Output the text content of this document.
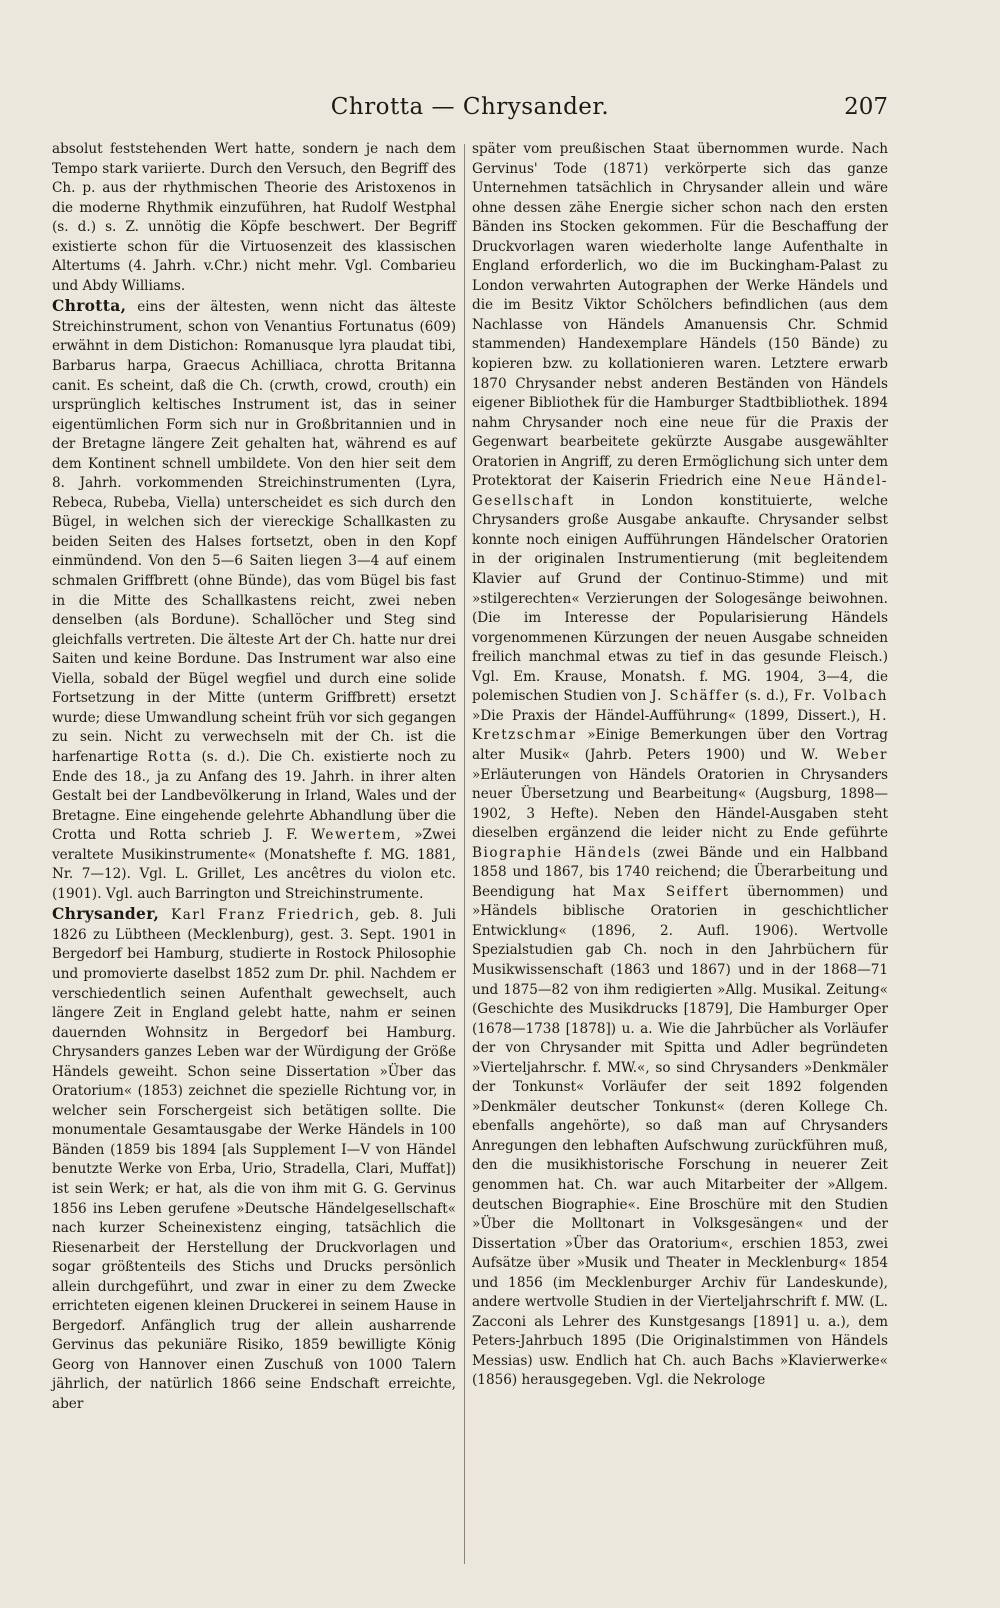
Chrotta — Chrysander.	207

absolut feststehenden Wert hatte, sondern je nach dem Tempo stark variierte. Durch den Versuch, den Begriff des Ch. p. aus der rhythmischen Theorie des Aristoxenos in die moderne Rhythmik einzuführen, hat Rudolf Westphal (s. d.) s. Z. unnötig die Köpfe beschwert. Der Begriff existierte schon für die Virtuosenzeit des klassischen Altertums (4. Jahrh. v.Chr.) nicht mehr. Vgl. Combarieu und Abdy Williams.

Chrotta, eins der ältesten, wenn nicht das älteste Streichinstrument, schon von Venantius Fortunatus (609) erwähnt in dem Distichon: Romanusque lyra plaudat tibi, Barbarus harpa, Graecus Achilliaca, chrotta Britanna canit. Es scheint, daß die Ch. (crwth, crowd, crouth) ein ursprünglich keltisches Instrument ist, das in seiner eigentümlichen Form sich nur in Großbritannien und in der Bretagne längere Zeit gehalten hat, während es auf dem Kontinent schnell umbildete. Von den hier seit dem 8. Jahrh. vorkommenden Streichinstrumenten (Lyra, Rebeca, Rubeba, Viella) unterscheidet es sich durch den Bügel, in welchen sich der viereckige Schallkasten zu beiden Seiten des Halses fortsetzt, oben in den Kopf einmündend. Von den 5—6 Saiten liegen 3—4 auf einem schmalen Griffbrett (ohne Bünde), das vom Bügel bis fast in die Mitte des Schallkastens reicht, zwei neben denselben (als Bordune). Schallöcher und Steg sind gleichfalls vertreten. Die älteste Art der Ch. hatte nur drei Saiten und keine Bordune. Das Instrument war also eine Viella, sobald der Bügel wegfiel und durch eine solide Fortsetzung in der Mitte (unterm Griffbrett) ersetzt wurde; diese Umwandlung scheint früh vor sich gegangen zu sein. Nicht zu verwechseln mit der Ch. ist die harfenartige Rotta (s. d.). Die Ch. existierte noch zu Ende des 18., ja zu Anfang des 19. Jahrh. in ihrer alten Gestalt bei der Landbevölkerung in Irland, Wales und der Bretagne. Eine eingehende gelehrte Abhandlung über die Crotta und Rotta schrieb J. F. Wewertem, »Zwei veraltete Musikinstrumente« (Monatshefte f. MG. 1881, Nr. 7—12). Vgl. L. Grillet, Les ancêtres du violon etc. (1901). Vgl. auch Barrington und Streichinstrumente.

Chrysander, Karl Franz Friedrich, geb. 8. Juli 1826 zu Lübtheen (Mecklenburg), gest. 3. Sept. 1901 in Bergedorf bei Hamburg, studierte in Rostock Philosophie und promovierte daselbst 1852 zum Dr. phil. Nachdem er verschiedentlich seinen Aufenthalt gewechselt, auch längere Zeit in England gelebt hatte, nahm er seinen dauernden Wohnsitz in Bergedorf bei Hamburg. Chrysanders ganzes Leben war der Würdigung der Größe Händels geweiht. Schon seine Dissertation »Über das Oratorium« (1853) zeichnet die spezielle Richtung vor, in welcher sein Forschergeist sich betätigen sollte. Die monumentale Gesamtausgabe der Werke Händels in 100 Bänden (1859 bis 1894 [als Supplement I—V von Händel benutzte Werke von Erba, Urio, Stradella, Clari, Muffat]) ist sein Werk; er hat, als die von ihm mit G. G. Gervinus 1856 ins Leben gerufene »Deutsche Händelgesellschaft« nach kurzer Scheinexistenz einging, tatsächlich die Riesenarbeit der Herstellung der Druckvorlagen und sogar größtenteils des Stichs und Drucks persönlich allein durchgeführt, und zwar in einer zu dem Zwecke errichteten eigenen kleinen Druckerei in seinem Hause in Bergedorf. Anfänglich trug der allein ausharrende Gervinus das pekuniäre Risiko, 1859 bewilligte König Georg von Hannover einen Zuschuß von 1000 Talern jährlich, der natürlich 1866 seine Endschaft erreichte, aber

später vom preußischen Staat übernommen wurde. Nach Gervinus' Tode (1871) verkörperte sich das ganze Unternehmen tatsächlich in Chrysander allein und wäre ohne dessen zähe Energie sicher schon nach den ersten Bänden ins Stocken gekommen. Für die Beschaffung der Druckvorlagen waren wiederholte lange Aufenthalte in England erforderlich, wo die im Buckingham-Palast zu London verwahrten Autographen der Werke Händels und die im Besitz Viktor Schölchers befindlichen (aus dem Nachlasse von Händels Amanuensis Chr. Schmid stammenden) Handexemplare Händels (150 Bände) zu kopieren bzw. zu kollationieren waren. Letztere erwarb 1870 Chrysander nebst anderen Beständen von Händels eigener Bibliothek für die Hamburger Stadtbibliothek. 1894 nahm Chrysander noch eine neue für die Praxis der Gegenwart bearbeitete gekürzte Ausgabe ausgewählter Oratorien in Angriff, zu deren Ermöglichung sich unter dem Protektorat der Kaiserin Friedrich eine Neue Händel-Gesellschaft in London konstituierte, welche Chrysanders große Ausgabe ankaufte. Chrysander selbst konnte noch einigen Aufführungen Händelscher Oratorien in der originalen Instrumentierung (mit begleitendem Klavier auf Grund der Continuo-Stimme) und mit »stilgerechten« Verzierungen der Sologesänge beiwohnen. (Die im Interesse der Popularisierung Händels vorgenommenen Kürzungen der neuen Ausgabe schneiden freilich manchmal etwas zu tief in das gesunde Fleisch.) Vgl. Em. Krause, Monatsh. f. MG. 1904, 3—4, die polemischen Studien von J. Schäffer (s. d.), Fr. Volbach »Die Praxis der Händel-Aufführung« (1899, Dissert.), H. Kretzschmar »Einige Bemerkungen über den Vortrag alter Musik« (Jahrb. Peters 1900) und W. Weber »Erläuterungen von Händels Oratorien in Chrysanders neuer Übersetzung und Bearbeitung« (Augsburg, 1898—1902, 3 Hefte). Neben den Händel-Ausgaben steht dieselben ergänzend die leider nicht zu Ende geführte Biographie Händels (zwei Bände und ein Halbband 1858 und 1867, bis 1740 reichend; die Überarbeitung und Beendigung hat Max Seiffert übernommen) und »Händels biblische Oratorien in geschichtlicher Entwicklung« (1896, 2. Aufl. 1906). Wertvolle Spezialstudien gab Ch. noch in den Jahrbüchern für Musikwissenschaft (1863 und 1867) und in der 1868—71 und 1875—82 von ihm redigierten »Allg. Musikal. Zeitung« (Geschichte des Musikdrucks [1879], Die Hamburger Oper (1678—1738 [1878]) u. a. Wie die Jahrbücher als Vorläufer der von Chrysander mit Spitta und Adler begründeten »Vierteljahrschr. f. MW.«, so sind Chrysanders »Denkmäler der Tonkunst« Vorläufer der seit 1892 folgenden »Denkmäler deutscher Tonkunst« (deren Kollege Ch. ebenfalls angehörte), so daß man auf Chrysanders Anregungen den lebhaften Aufschwung zurückführen muß, den die musikhistorische Forschung in neuerer Zeit genommen hat. Ch. war auch Mitarbeiter der »Allgem. deutschen Biographie«. Eine Broschüre mit den Studien »Über die Molltonart in Volksgesängen« und der Dissertation »Über das Oratorium«, erschien 1853, zwei Aufsätze über »Musik und Theater in Mecklenburg« 1854 und 1856 (im Mecklenburger Archiv für Landeskunde), andere wertvolle Studien in der Vierteljahrschrift f. MW. (L. Zacconi als Lehrer des Kunstgesangs [1891] u. a.), dem Peters-Jahrbuch 1895 (Die Originalstimmen von Händels Messias) usw. Endlich hat Ch. auch Bachs »Klavierwerke« (1856) herausgegeben. Vgl. die Nekrologe
